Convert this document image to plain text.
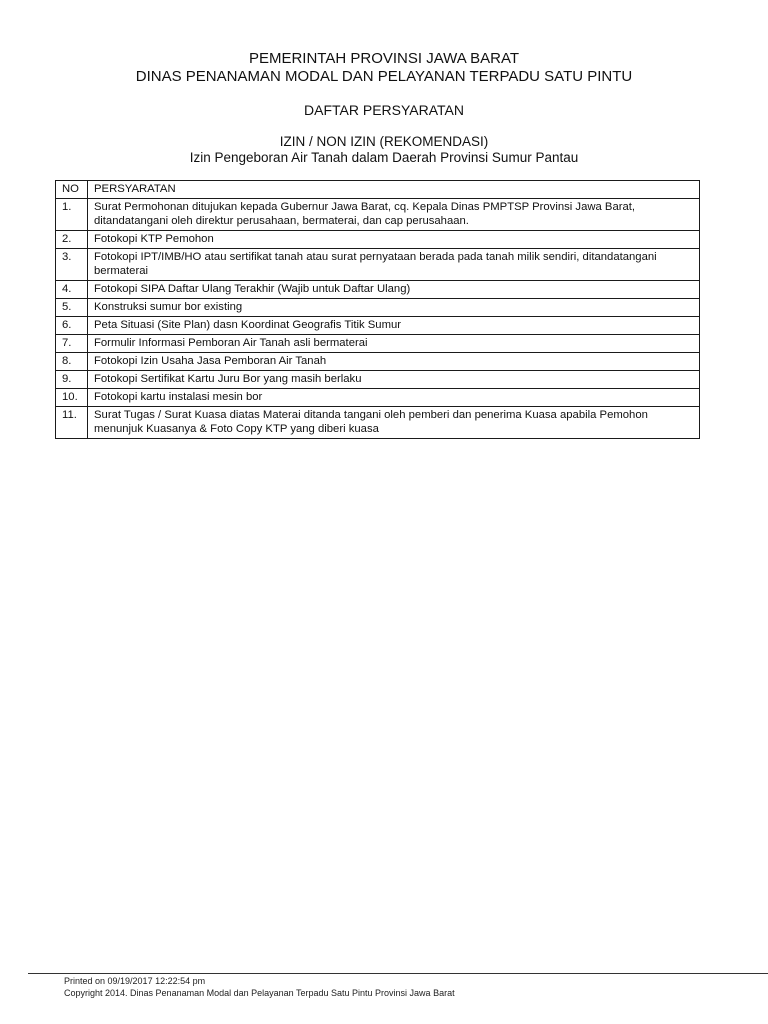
PEMERINTAH PROVINSI JAWA BARAT
DINAS PENANAMAN MODAL DAN PELAYANAN TERPADU SATU PINTU
DAFTAR PERSYARATAN
IZIN / NON IZIN (REKOMENDASI)
Izin Pengeboran Air Tanah dalam Daerah Provinsi Sumur Pantau
NO	PERSYARATAN
1.	Surat Permohonan ditujukan kepada Gubernur Jawa Barat, cq. Kepala Dinas PMPTSP Provinsi Jawa Barat, ditandatangani oleh direktur perusahaan, bermaterai, dan cap perusahaan.
2.	Fotokopi KTP Pemohon
3.	Fotokopi IPT/IMB/HO atau sertifikat tanah atau surat pernyataan berada pada tanah milik sendiri, ditandatangani bermaterai
4.	Fotokopi SIPA Daftar Ulang Terakhir (Wajib untuk Daftar Ulang)
5.	Konstruksi sumur bor existing
6.	Peta Situasi (Site Plan) dasn Koordinat Geografis Titik Sumur
7.	Formulir Informasi Pemboran Air Tanah asli bermaterai
8.	Fotokopi Izin Usaha Jasa Pemboran Air Tanah
9.	Fotokopi Sertifikat Kartu Juru Bor yang masih berlaku
10.	Fotokopi kartu instalasi mesin bor
11.	Surat Tugas / Surat Kuasa diatas Materai ditanda tangani oleh pemberi dan penerima Kuasa apabila Pemohon menunjuk Kuasanya & Foto Copy KTP yang diberi kuasa
Printed on 09/19/2017 12:22:54 pm
Copyright 2014. Dinas Penanaman Modal dan Pelayanan Terpadu Satu Pintu Provinsi Jawa Barat
